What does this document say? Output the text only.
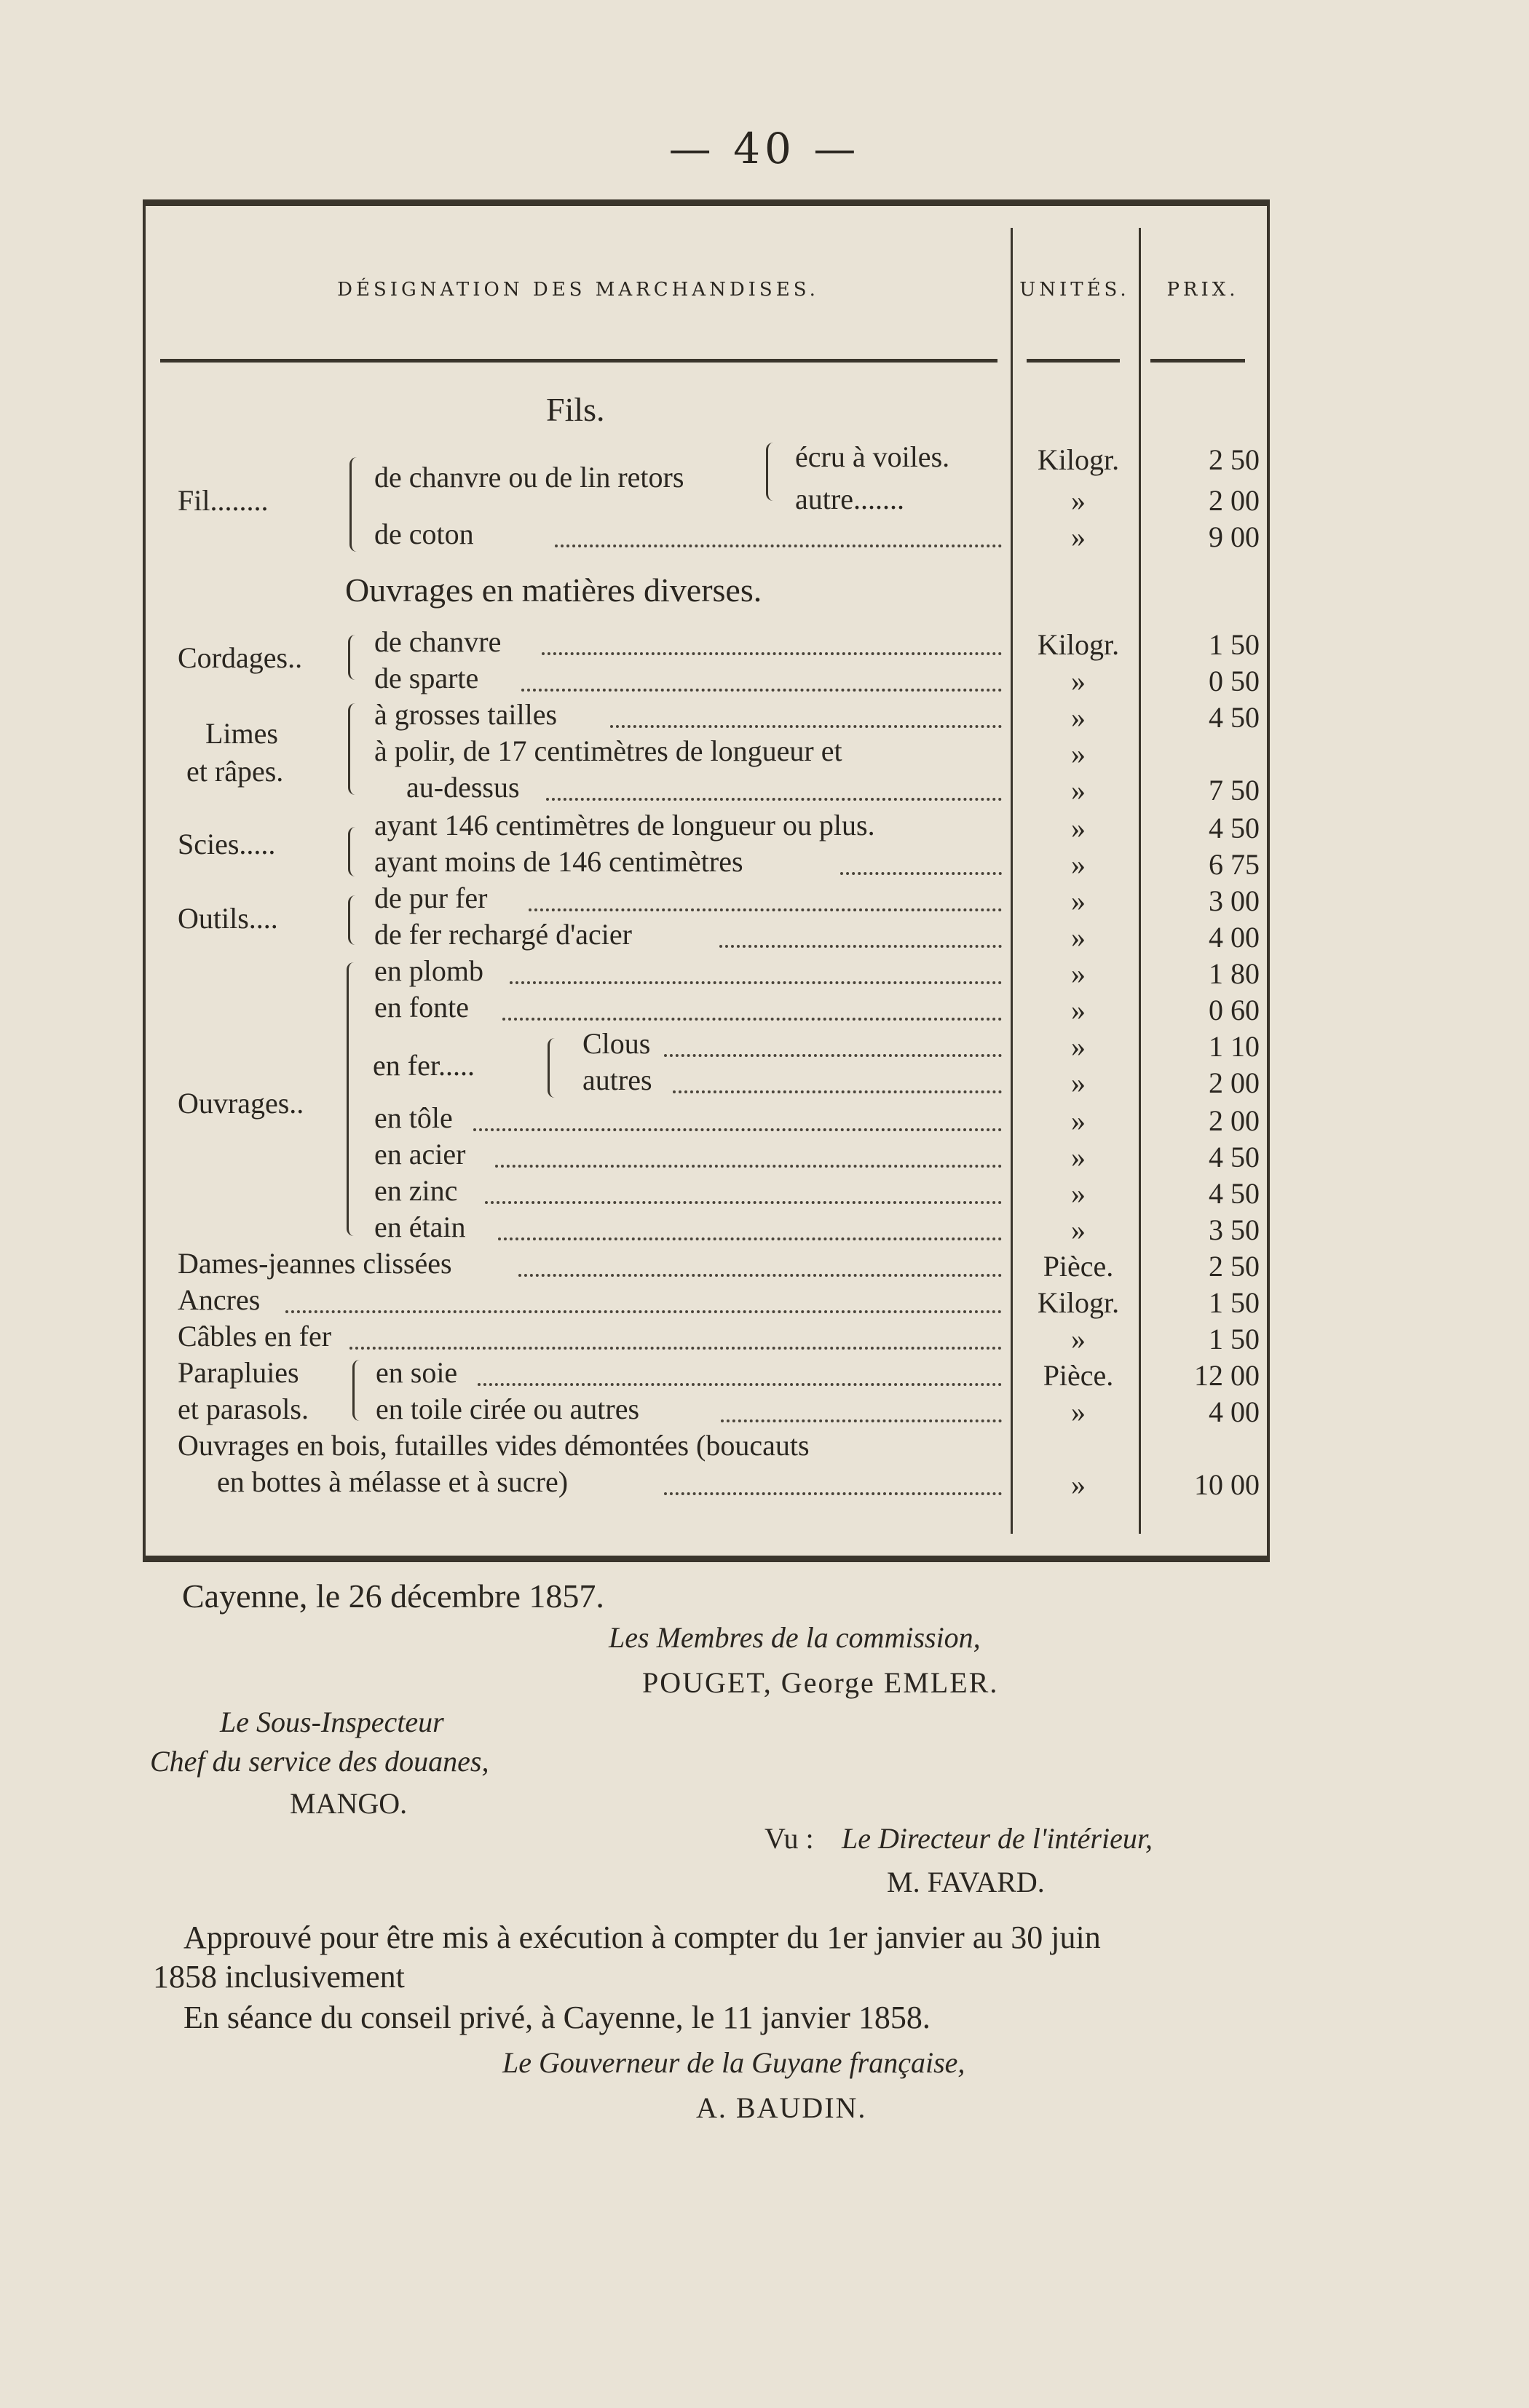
— 40 —
DÉSIGNATION DES MARCHANDISES.	UNITÉS.	PRIX.
Fils.
Ouvrages en matières diverses.
Fil........
Cordages..
Limes
et râpes.
Scies.....
Outils....
Ouvrages..
en fer.....
Parapluies
et parasols.
de chanvre ou de lin retors
écru à voiles.
autre.......
de coton
de chanvre
de sparte
à grosses tailles
à polir, de 17 centimètres de longueur et
au-dessus
ayant 146 centimètres de longueur ou plus.
ayant moins de 146 centimètres
de pur fer
de fer rechargé d'acier
en plomb
en fonte
Clous
autres
en tôle
en acier
en zinc
en étain
Dames-jeannes clissées
Ancres
Câbles en fer
en soie
en toile cirée ou autres
Ouvrages en bois, futailles vides démontées (boucauts
en bottes à mélasse et à sucre)
Kilogr.
»
»
Kilogr.
»
»
»
»
»
»
»
»
»
»
»
»
»
»
»
»
Pièce.
Kilogr.
»
Pièce.
»
»
2 50
2 00
9 00
1 50
0 50
4 50
7 50
4 50
6 75
3 00
4 00
1 80
0 60
1 10
2 00
2 00
4 50
4 50
3 50
2 50
1 50
1 50
12 00
4 00
10 00
Cayenne, le 26 décembre 1857.
Les Membres de la commission,
POUGET, George EMLER.
Le Sous-Inspecteur
Chef du service des douanes,
MANGO.
Vu : Le Directeur de l'intérieur,
M. FAVARD.
Approuvé pour être mis à exécution à compter du 1er janvier au 30 juin
1858 inclusivement
En séance du conseil privé, à Cayenne, le 11 janvier 1858.
Le Gouverneur de la Guyane française,
A. BAUDIN.
